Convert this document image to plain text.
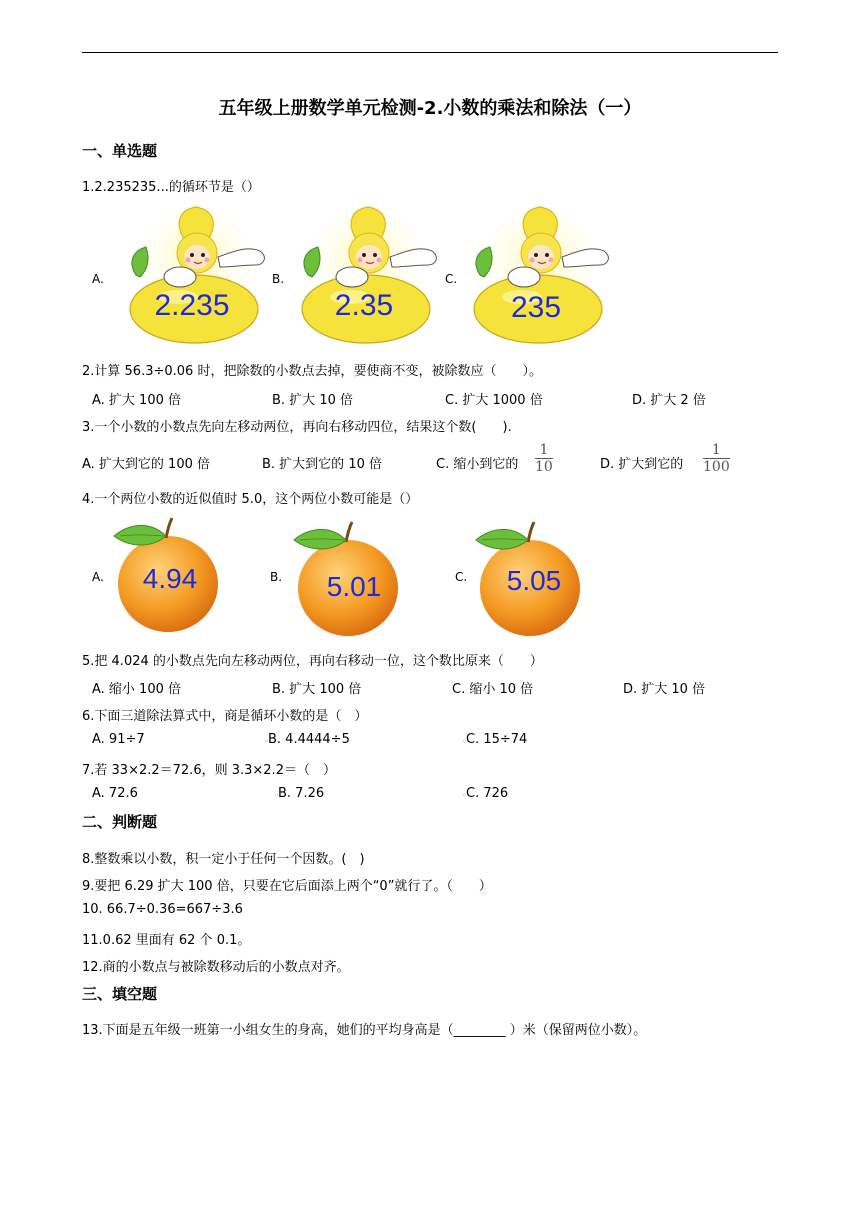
五年级上册数学单元检测-2.小数的乘法和除法（一）
一、单选题
1.2.235235...的循环节是（）
A.	B.	C.
2.235	2.35	235
2.计算 56.3÷0.06 时，把除数的小数点去掉，要使商不变，被除数应（　　）。
A. 扩大 100 倍	B. 扩大 10 倍	C. 扩大 1000 倍	D. 扩大 2 倍
3.一个小数的小数点先向左移动两位，再向右移动四位，结果这个数(　　).
A. 扩大到它的 100 倍	B. 扩大到它的 10 倍	C. 缩小到它的
1
10	D. 扩大到它的
1
100
4.一个两位小数的近似值时 5.0，这个两位小数可能是（）
A.	B.	C.
4.94	5.01	5.05
5.把 4.024 的小数点先向左移动两位，再向右移动一位，这个数比原来（　　）
A. 缩小 100 倍	B. 扩大 100 倍	C. 缩小 10 倍	D. 扩大 10 倍
6.下面三道除法算式中，商是循环小数的是（　）
A. 91÷7	◦ B. 4.4444÷5	◦ C. 15÷74
7.若 33×2.2＝72.6，则 3.3×2.2＝（　）
A. 72.6	◦ B. 7.26	◦ C. 726
二、判断题
8.整数乘以小数，积一定小于任何一个因数。(　)
9.要把 6.29 扩大 100 倍，只要在它后面添上两个“0”就行了。（　　）
10. 66.7÷0.36=667÷3.6
11.0.62 里面有 62 个 0.1。
12.商的小数点与被除数移动后的小数点对齐。
三、填空题
13.下面是五年级一班第一小组女生的身高，她们的平均身高是（________ ）米（保留两位小数）。
